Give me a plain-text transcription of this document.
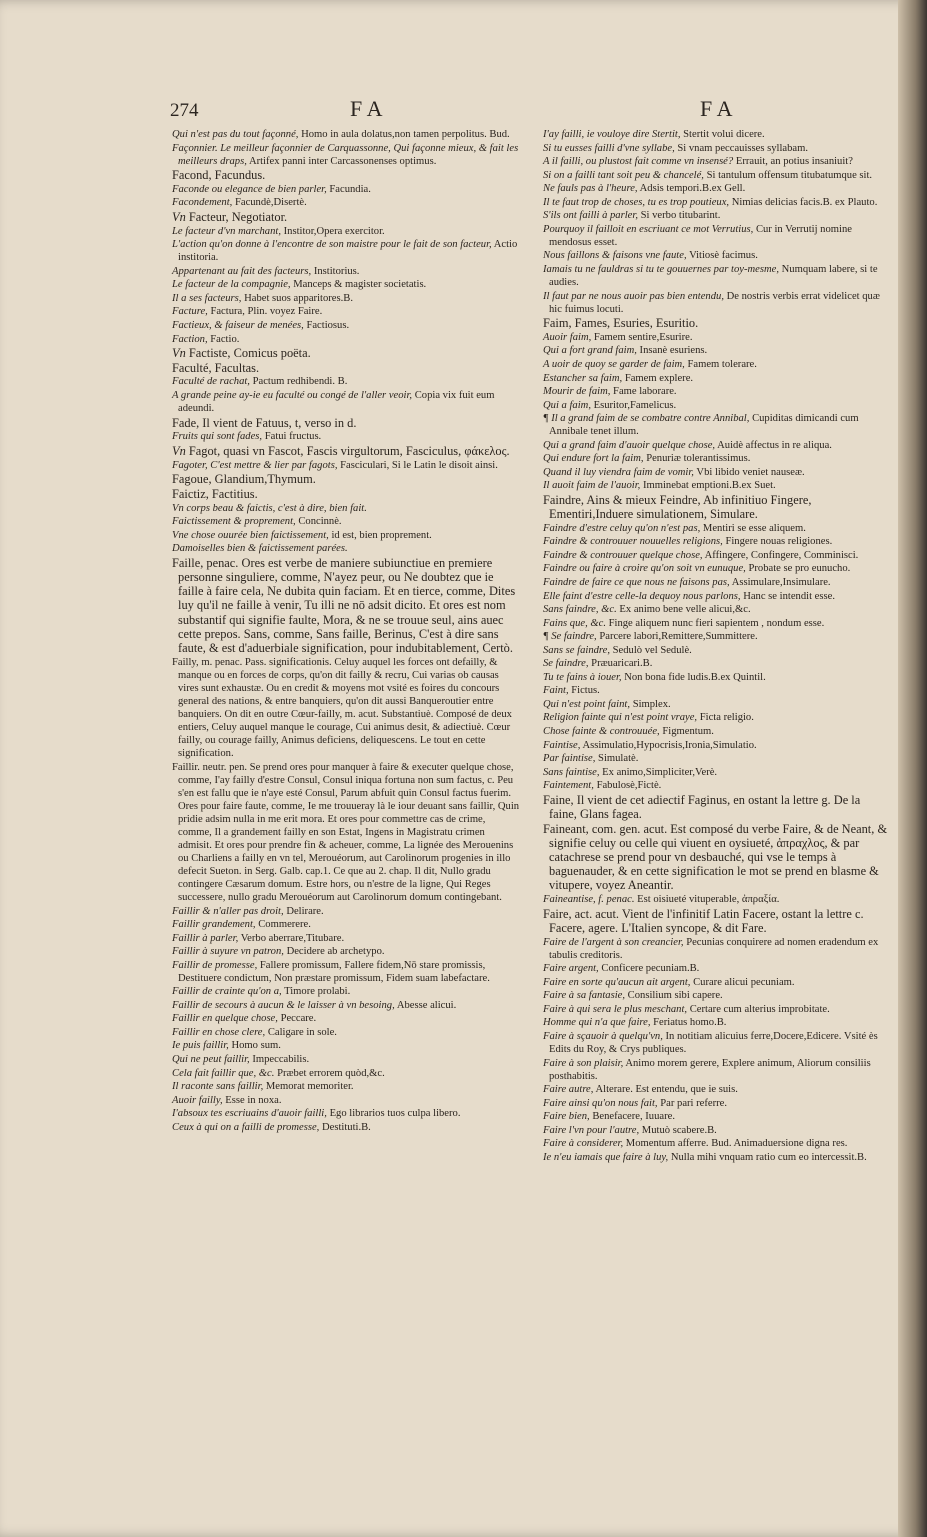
274	FA	FA
Qui n'est pas du tout façonné, Homo in aula dolatus,non tamen perpolitus. Bud.
Façonnier. Le meilleur façonnier de Carquassonne, Qui façonne mieux, & fait les meilleurs draps, Artifex panni inter Carcassonenses optimus.
Facond, Facundus.
Faconde ou elegance de bien parler, Facundia.
Facondement, Facundè,Disertè.
Vn Facteur, Negotiator.
Le facteur d'vn marchant, Institor,Opera exercitor.
L'action qu'on donne à l'encontre de son maistre pour le fait de son facteur, Actio institoria.
Appartenant au fait des facteurs, Institorius.
Le facteur de la compagnie, Manceps & magister societatis.
Il a ses facteurs, Habet suos apparitores.B.
Facture, Factura, Plin. voyez Faire.
Factieux, & faiseur de menées, Factiosus.
Faction, Factio.
Vn Factiste, Comicus poëta.
Faculté, Facultas.
Faculté de rachat, Pactum redhibendi. B.
A grande peine ay-ie eu faculté ou congé de l'aller veoir, Copia vix fuit eum adeundi.
Fade, Il vient de Fatuus, t, verso in d.
Fruits qui sont fades, Fatui fructus.
Vn Fagot, quasi vn Fascot, Fascis virgultorum, Fasciculus, φάκελος.
Fagoter, C'est mettre & lier par fagots, Fasciculari, Si le Latin le disoit ainsi.
Fagoue, Glandium,Thymum.
Faictiz, Factitius.
Vn corps beau & faictis, c'est à dire, bien fait.
Faictissement & proprement, Concinnè.
Vne chose ouurée bien faictissement, id est, bien proprement.
Damoiselles bien & faictissement parées.
Faille, penac. Ores est verbe de maniere subiunctiue en premiere personne singuliere, comme, N'ayez peur, ou Ne doubtez que ie faille à faire cela, Ne dubita quin faciam. Et en tierce, comme, Dites luy qu'il ne faille à venir, Tu illi ne nō adsit dicito. Et ores est nom substantif qui signifie faulte, Mora, & ne se trouue seul, ains auec cette prepos. Sans, comme, Sans faille, Berinus, C'est à dire sans faute, & est d'aduerbiale signification, pour indubitablement, Certò.
Failly, m. penac. Pass. significationis. Celuy auquel les forces ont defailly, & manque ou en forces de corps, qu'on dit failly & recru, Cui varias ob causas vires sunt exhaustæ. Ou en credit & moyens mot vsité es foires du concours general des nations, & entre banquiers, qu'on dit aussi Banqueroutier entre banquiers. On dit en outre Cœur-failly, m. acut. Substantiuè. Composé de deux entiers, Celuy auquel manque le courage, Cui animus desit, & adiectiuè. Cœur failly, ou courage failly, Animus deficiens, deliquescens. Le tout en cette signification.
Faillir. neutr. pen. Se prend ores pour manquer à faire & executer quelque chose, comme, I'ay failly d'estre Consul, Consul iniqua fortuna non sum factus, c. Peu s'en est fallu que ie n'aye esté Consul, Parum abfuit quin Consul factus fuerim. Ores pour faire faute, comme, Ie me trouueray là le iour deuant sans faillir, Quin pridie adsim nulla in me erit mora. Et ores pour commettre cas de crime, comme, Il a grandement failly en son Estat, Ingens in Magistratu crimen admisit. Et ores pour prendre fin & acheuer, comme, La lignée des Merouenins ou Charliens a failly en vn tel, Merouéorum, aut Carolinorum progenies in illo defecit Sueton. in Serg. Galb. cap.1. Ce que au 2. chap. Il dit, Nullo gradu contingere Cæsarum domum. Estre hors, ou n'estre de la ligne, Qui Reges successere, nullo gradu Merouéorum aut Carolinorum domum contingebant.
Faillir & n'aller pas droit, Delirare.
Faillir grandement, Commerere.
Faillir à parler, Verbo aberrare,Titubare.
Faillir à suyure vn patron, Decidere ab archetypo.
Faillir de promesse, Fallere promissum, Fallere fidem,Nō stare promissis, Destituere condictum, Non præstare promissum, Fidem suam labefactare.
Faillir de crainte qu'on a, Timore prolabi.
Faillir de secours à aucun & le laisser à vn besoing, Abesse alicui.
Faillir en quelque chose, Peccare.
Faillir en chose clere, Caligare in sole.
Ie puis faillir, Homo sum.
Qui ne peut faillir, Impeccabilis.
Cela fait faillir que, &c. Præbet errorem quòd,&c.
Il raconte sans faillir, Memorat memoriter.
Auoir failly, Esse in noxa.
I'absoux tes escriuains d'auoir failli, Ego librarios tuos culpa libero.
Ceux à qui on a failli de promesse, Destituti.B.
I'ay failli, ie vouloye dire Stertit, Stertit volui dicere.
Si tu eusses failli d'vne syllabe, Si vnam peccauisses syllabam.
A il failli, ou plustost fait comme vn insensé? Errauit, an potius insaniuit?
Si on a failli tant soit peu & chancelé, Si tantulum offensum titubatumque sit.
Ne fauls pas à l'heure, Adsis tempori.B.ex Gell.
Il te faut trop de choses, tu es trop poutieux, Nimias delicias facis.B. ex Plauto.
S'ils ont failli à parler, Si verbo titubarint.
Pourquoy il failloit en escriuant ce mot Verrutius, Cur in Verrutij nomine mendosus esset.
Nous faillons & faisons vne faute, Vitiosè facimus.
Iamais tu ne fauldras si tu te gouuernes par toy-mesme, Numquam labere, si te audies.
Il faut par ne nous auoir pas bien entendu, De nostris verbis errat videlicet quæ hic fuimus locuti.
Faim, Fames, Esuries, Esuritio.
Auoir faim, Famem sentire,Esurire.
Qui a fort grand faim, Insanè esuriens.
A uoir de quoy se garder de faim, Famem tolerare.
Estancher sa faim, Famem explere.
Mourir de faim, Fame laborare.
Qui a faim, Esuritor,Famelicus.
¶ Il a grand faim de se combatre contre Annibal, Cupiditas dimicandi cum Annibale tenet illum.
Qui a grand faim d'auoir quelque chose, Auidè affectus in re aliqua.
Qui endure fort la faim, Penuriæ tolerantissimus.
Quand il luy viendra faim de vomir, Vbi libido veniet nauseæ.
Il auoit faim de l'auoir, Imminebat emptioni.B.ex Suet.
Faindre, Ains & mieux Feindre, Ab infinitiuo Fingere, Ementiri,Induere simulationem, Simulare.
Faindre d'estre celuy qu'on n'est pas, Mentiri se esse aliquem.
Faindre & controuuer nouuelles religions, Fingere nouas religiones.
Faindre & controuuer quelque chose, Affingere, Confingere, Comminisci.
Faindre ou faire à croire qu'on soit vn eunuque, Probate se pro eunucho.
Faindre de faire ce que nous ne faisons pas, Assimulare,Insimulare.
Elle faint d'estre celle-la dequoy nous parlons, Hanc se intendit esse.
Sans faindre, &c. Ex animo bene velle alicui,&c.
Fains que, &c. Finge aliquem nunc fieri sapientem , nondum esse.
¶ Se faindre, Parcere labori,Remittere,Summittere.
Sans se faindre, Sedulò vel Sedulè.
Se faindre, Præuaricari.B.
Tu te fains à iouer, Non bona fide ludis.B.ex Quintil.
Faint, Fictus.
Qui n'est point faint, Simplex.
Religion fainte qui n'est point vraye, Ficta religio.
Chose fainte & controuuée, Figmentum.
Faintise, Assimulatio,Hypocrisis,Ironia,Simulatio.
Par faintise, Simulatè.
Sans faintise, Ex animo,Simpliciter,Verè.
Faintement, Fabulosè,Fictè.
Faine, Il vient de cet adiectif Faginus, en ostant la lettre g. De la faine, Glans fagea.
Faineant, com. gen. acut. Est composé du verbe Faire, & de Neant, & signifie celuy ou celle qui viuent en oysiueté, ἀπραχλος, & par catachrese se prend pour vn desbauché, qui vse le temps à baguenauder, & en cette signification le mot se prend en blasme & vitupere, voyez Aneantir.
Faineantise, f. penac. Est oisiueté vituperable, ἀπραξία.
Faire, act. acut. Vient de l'infinitif Latin Facere, ostant la lettre c. Facere, agere. L'Italien syncope, & dit Fare.
Faire de l'argent à son creancier, Pecunias conquirere ad nomen eradendum ex tabulis creditoris.
Faire argent, Conficere pecuniam.B.
Faire en sorte qu'aucun ait argent, Curare alicui pecuniam.
Faire à sa fantasie, Consilium sibi capere.
Faire à qui sera le plus meschant, Certare cum alterius improbitate.
Homme qui n'a que faire, Feriatus homo.B.
Faire à sçauoir à quelqu'vn, In notitiam alicuius ferre,Docere,Edicere. Vsité ès Edits du Roy, & Crys publiques.
Faire à son plaisir, Animo morem gerere, Explere animum, Aliorum consiliis posthabitis.
Faire autre, Alterare. Est entendu, que ie suis.
Faire ainsi qu'on nous fait, Par pari referre.
Faire bien, Benefacere, Iuuare.
Faire l'vn pour l'autre, Mutuò scabere.B.
Faire à considerer, Momentum afferre. Bud. Animaduersione digna res.
Ie n'eu iamais que faire à luy, Nulla mihi vnquam ratio cum eo intercessit.B.
